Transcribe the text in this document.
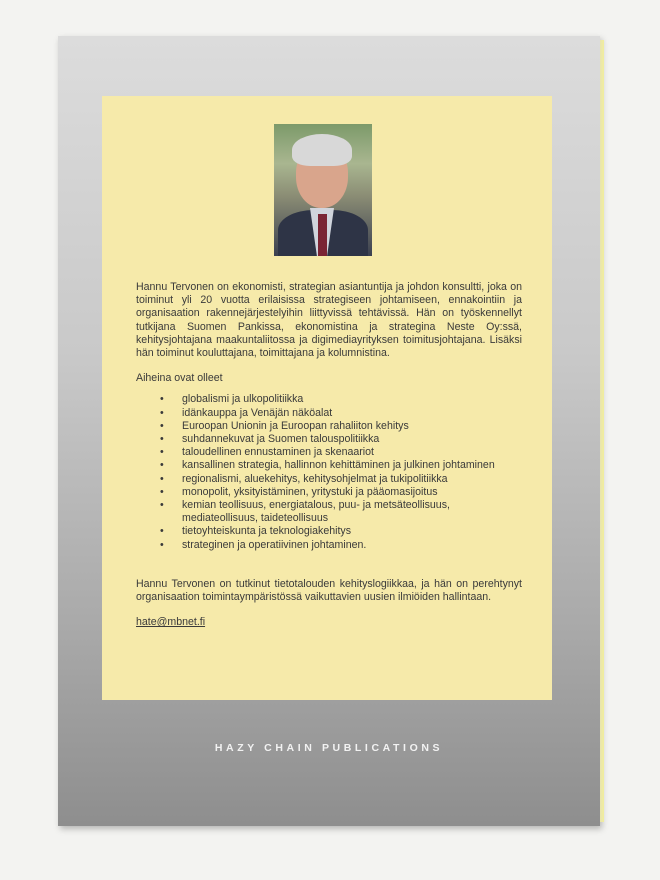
Hannu Tervonen on ekonomisti, strategian asiantuntija ja johdon konsultti, joka on toiminut yli 20 vuotta erilaisissa strategiseen johtamiseen, ennakointiin ja organisaation rakennejärjestelyihin liittyvissä tehtävissä. Hän on työskennellyt tutkijana Suomen Pankissa, ekonomistina ja strategina Neste Oy:ssä, kehitysjohtajana maakuntaliitossa ja digimediayrityksen toimitusjohtajana. Lisäksi hän toiminut kouluttajana, toimittajana ja kolumnistina.

Aiheina ovat olleet

• globalismi ja ulkopolitiikka
• idänkauppa ja Venäjän näköalat
• Euroopan Unionin ja Euroopan rahaliiton kehitys
• suhdannekuvat ja Suomen talouspolitiikka
• taloudellinen ennustaminen ja skenaariot
• kansallinen strategia, hallinnon kehittäminen ja julkinen johtaminen
• regionalismi, aluekehitys, kehitysohjelmat ja tukipolitiikka
• monopolit, yksityistäminen, yritystuki ja pääomasijoitus
• kemian teollisuus, energiatalous, puu- ja metsäteollisuus, mediateollisuus, taideteollisuus
• tietoyhteiskunta ja teknologiakehitys
• strateginen ja operatiivinen johtaminen.

Hannu Tervonen on tutkinut tietotalouden kehityslogiikkaa, ja hän on perehtynyt organisaation toimintaympäristössä vaikuttavien uusien ilmiöiden hallintaan.

hate@mbnet.fi
HAZY CHAIN PUBLICATIONS
